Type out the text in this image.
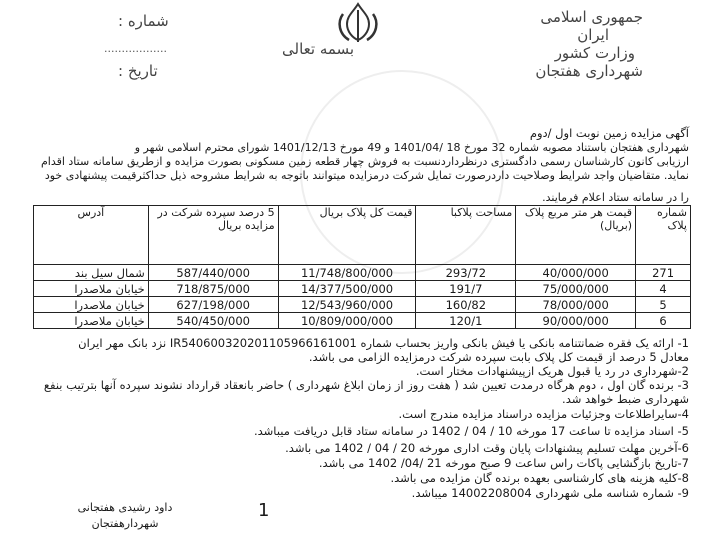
جمهوری اسلامی
ایران
وزارت کشور
شهرداری هفتجان
بسمه تعالی
شماره :
..................
تاریخ :
آگهی مزایده زمین نوبت اول /دوم
شهرداری هفتجان باستناد مصوبه شماره 32 مورخ 18 /1401/04 و 49 مورخ 1401/12/13 شورای محترم اسلامی شهر و
ارزیابی کانون کارشناسان رسمی دادگستری درنظرداردنسبت به فروش چهار قطعه زمین مسکونی بصورت مزایده و ازطریق سامانه ستاد اقدام
نماید. متقاضیان واجد شرایط وصلاحیت داردرصورت تمایل شرکت درمزایده میتوانند باتوجه به شرایط مشروحه ذیل حداکثرقیمت پیشنهادی خود
را در سامانه ستاد اعلام فرمایند.
شماره پلاک	قیمت هر متر مربع پلاک (بریال)	مساحت پلاکبا	قیمت کل پلاک بریال	5 درصد سپرده شرکت در مزایده بریال	آدرس
271	40/000/000	293/72	11/748/800/000	587/440/000	شمال سیل بند
4	75/000/000	191/7	14/377/500/000	718/875/000	خیابان ملاصدرا
5	78/000/000	160/82	12/543/960/000	627/198/000	خیابان ملاصدرا
6	90/000/000	120/1	10/809/000/000	540/450/000	خیابان ملاصدرا
1- ارائه یک فقره ضمانتنامه بانکی یا فیش بانکی واریز بحساب شماره IR540600320201105966161001 نزد بانک مهر ایران
معادل 5 درصد از قیمت کل پلاک بابت سپرده شرکت درمزایده الزامی می باشد.
2-شهرداری در رد یا قبول هریک ازپیشنهادات مختار است.
3- برنده گان اول ، دوم هرگاه درمدت تعیین شد ( هفت روز از زمان ابلاغ شهرداری ) حاضر بانعقاد قرارداد نشوند سپرده آنها بترتیب بنفع
شهرداری ضبط خواهد شد.
4-سایراطلاعات وجزئیات مزایده دراسناد مزایده مندرج است.
5- اسناد مزایده تا ساعت 17 مورخه 10 / 04 / 1402 در سامانه ستاد قابل دریافت میباشد.
6-آخرین مهلت تسلیم پیشنهادات پایان وقت اداری مورخه 20 / 04 / 1402 می باشد.
7-تاریخ بازگشایی پاکات راس ساعت 9 صبح مورخه 21 /04/ 1402 می باشد.
8-کلیه هزینه های کارشناسی بعهده برنده گان مزایده می باشد.
9- شماره شناسه ملی شهرداری 14002208004 میباشد.
داود رشیدی هفتجانی
شهردارهفتجان
1
